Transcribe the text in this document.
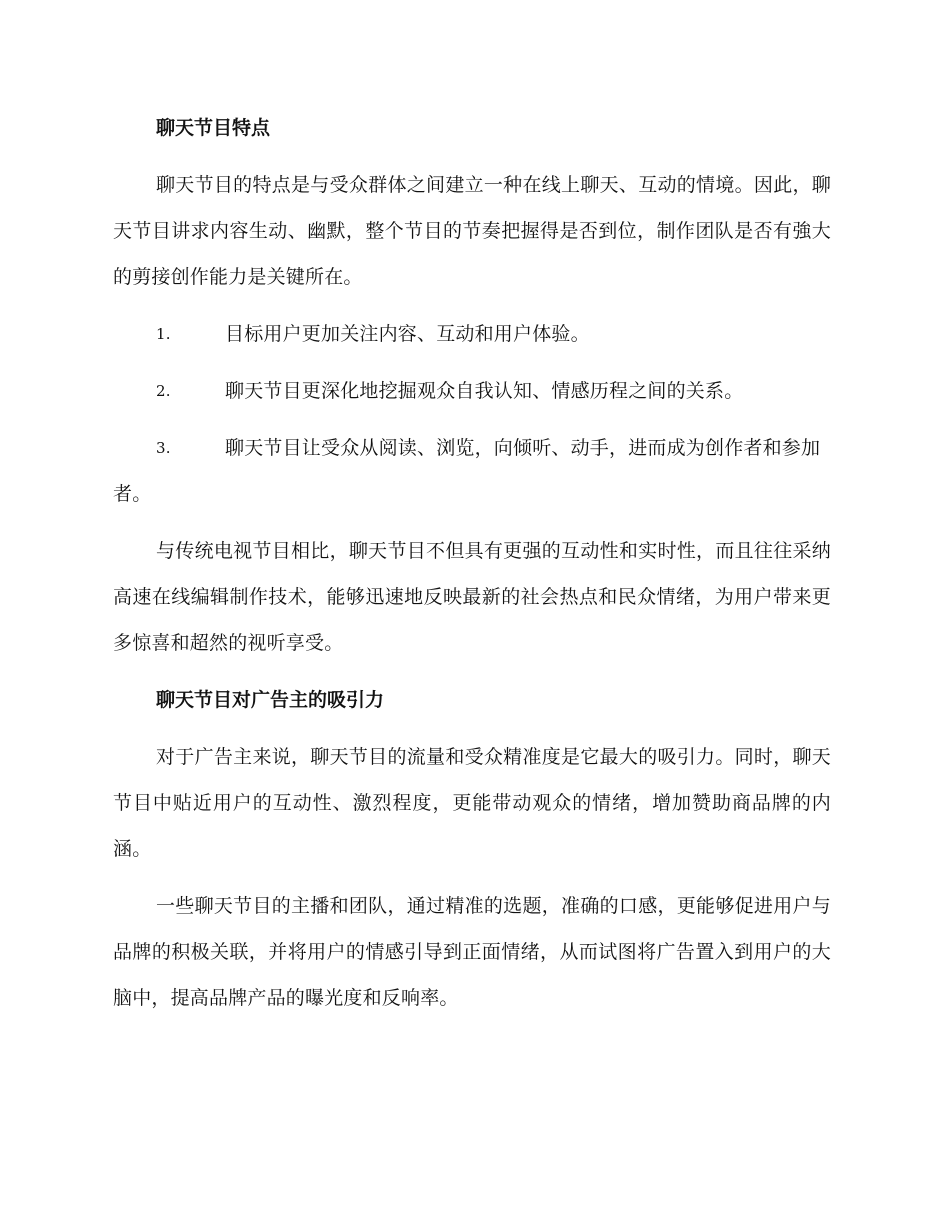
聊天节目特点

聊天节目的特点是与受众群体之间建立一种在线上聊天、互动的情境。因此，聊天节目讲求内容生动、幽默，整个节目的节奏把握得是否到位，制作团队是否有強大的剪接创作能力是关键所在。

1.	目标用户更加关注内容、互动和用户体验。
2.	聊天节目更深化地挖掘观众自我认知、情感历程之间的关系。
3.	聊天节目让受众从阅读、浏览，向倾听、动手，进而成为创作者和参加者。

与传统电视节目相比，聊天节目不但具有更强的互动性和实时性，而且往往采纳高速在线编辑制作技术，能够迅速地反映最新的社会热点和民众情绪，为用户带来更多惊喜和超然的视听享受。

聊天节目对广告主的吸引力

对于广告主来说，聊天节目的流量和受众精准度是它最大的吸引力。同时，聊天节目中贴近用户的互动性、激烈程度，更能带动观众的情绪，增加赞助商品牌的内涵。

一些聊天节目的主播和团队，通过精准的选题，准确的口感，更能够促进用户与品牌的积极关联，并将用户的情感引导到正面情绪，从而试图将广告置入到用户的大脑中，提高品牌产品的曝光度和反响率。
